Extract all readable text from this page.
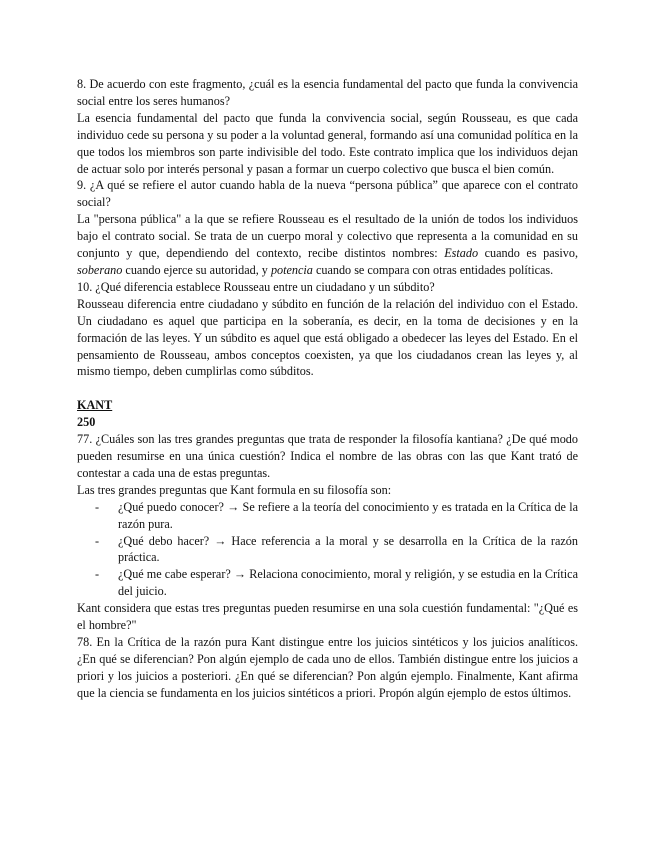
8. De acuerdo con este fragmento, ¿cuál es la esencia fundamental del pacto que funda la convivencia social entre los seres humanos?

La esencia fundamental del pacto que funda la convivencia social, según Rousseau, es que cada individuo cede su persona y su poder a la voluntad general, formando así una comunidad política en la que todos los miembros son parte indivisible del todo. Este contrato implica que los individuos dejan de actuar solo por interés personal y pasan a formar un cuerpo colectivo que busca el bien común.

9. ¿A qué se refiere el autor cuando habla de la nueva “persona pública” que aparece con el contrato social?

La "persona pública" a la que se refiere Rousseau es el resultado de la unión de todos los individuos bajo el contrato social. Se trata de un cuerpo moral y colectivo que representa a la comunidad en su conjunto y que, dependiendo del contexto, recibe distintos nombres: Estado cuando es pasivo, soberano cuando ejerce su autoridad, y potencia cuando se compara con otras entidades políticas.

10. ¿Qué diferencia establece Rousseau entre un ciudadano y un súbdito?

Rousseau diferencia entre ciudadano y súbdito en función de la relación del individuo con el Estado. Un ciudadano es aquel que participa en la soberanía, es decir, en la toma de decisiones y en la formación de las leyes. Y un súbdito es aquel que está obligado a obedecer las leyes del Estado. En el pensamiento de Rousseau, ambos conceptos coexisten, ya que los ciudadanos crean las leyes y, al mismo tiempo, deben cumplirlas como súbditos.

KANT

250

77. ¿Cuáles son las tres grandes preguntas que trata de responder la filosofía kantiana? ¿De qué modo pueden resumirse en una única cuestión? Indica el nombre de las obras con las que Kant trató de contestar a cada una de estas preguntas.

Las tres grandes preguntas que Kant formula en su filosofía son:

- ¿Qué puedo conocer? → Se refiere a la teoría del conocimiento y es tratada en la Crítica de la razón pura.
- ¿Qué debo hacer? → Hace referencia a la moral y se desarrolla en la Crítica de la razón práctica.
- ¿Qué me cabe esperar? → Relaciona conocimiento, moral y religión, y se estudia en la Crítica del juicio.

Kant considera que estas tres preguntas pueden resumirse en una sola cuestión fundamental: "¿Qué es el hombre?"

78. En la Crítica de la razón pura Kant distingue entre los juicios sintéticos y los juicios analíticos. ¿En qué se diferencian? Pon algún ejemplo de cada uno de ellos. También distingue entre los juicios a priori y los juicios a posteriori. ¿En qué se diferencian? Pon algún ejemplo. Finalmente, Kant afirma que la ciencia se fundamenta en los juicios sintéticos a priori. Propón algún ejemplo de estos últimos.
